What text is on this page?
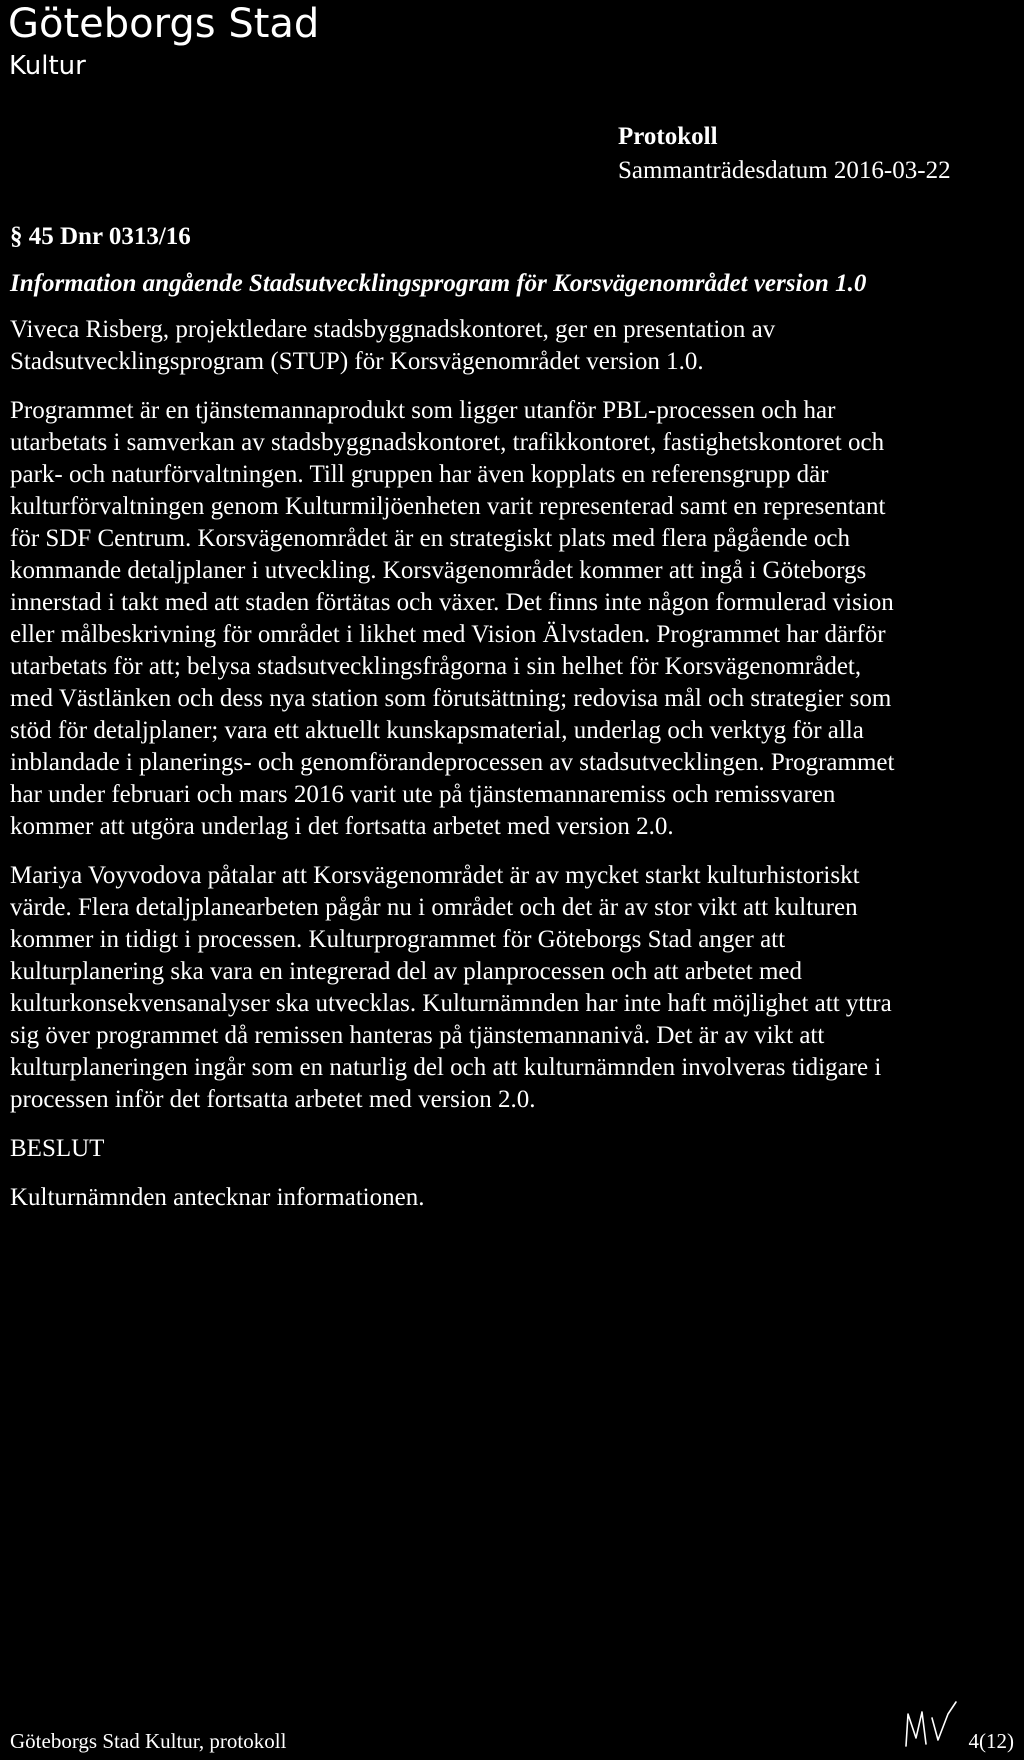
Göteborgs Stad
Kultur
Protokoll
Sammanträdesdatum 2016-03-22
§ 45 Dnr 0313/16
Information angående Stadsutvecklingsprogram för Korsvägenområdet version 1.0

Viveca Risberg, projektledare stadsbyggnadskontoret, ger en presentation av
Stadsutvecklingsprogram (STUP) för Korsvägenområdet version 1.0.

Programmet är en tjänstemannaprodukt som ligger utanför PBL-processen och har
utarbetats i samverkan av stadsbyggnadskontoret, trafikkontoret, fastighetskontoret och
park- och naturförvaltningen. Till gruppen har även kopplats en referensgrupp där
kulturförvaltningen genom Kulturmiljöenheten varit representerad samt en representant
för SDF Centrum. Korsvägenområdet är en strategiskt plats med flera pågående och
kommande detaljplaner i utveckling. Korsvägenområdet kommer att ingå i Göteborgs
innerstad i takt med att staden förtätas och växer. Det finns inte någon formulerad vision
eller målbeskrivning för området i likhet med Vision Älvstaden. Programmet har därför
utarbetats för att; belysa stadsutvecklingsfrågorna i sin helhet för Korsvägenområdet,
med Västlänken och dess nya station som förutsättning; redovisa mål och strategier som
stöd för detaljplaner; vara ett aktuellt kunskapsmaterial, underlag och verktyg för alla
inblandade i planerings- och genomförandeprocessen av stadsutvecklingen. Programmet
har under februari och mars 2016 varit ute på tjänstemannaremiss och remissvaren
kommer att utgöra underlag i det fortsatta arbetet med version 2.0.

Mariya Voyvodova påtalar att Korsvägenområdet är av mycket starkt kulturhistoriskt
värde. Flera detaljplanearbeten pågår nu i området och det är av stor vikt att kulturen
kommer in tidigt i processen. Kulturprogrammet för Göteborgs Stad anger att
kulturplanering ska vara en integrerad del av planprocessen och att arbetet med
kulturkonsekvensanalyser ska utvecklas. Kulturnämnden har inte haft möjlighet att yttra
sig över programmet då remissen hanteras på tjänstemannanivå. Det är av vikt att
kulturplaneringen ingår som en naturlig del och att kulturnämnden involveras tidigare i
processen inför det fortsatta arbetet med version 2.0.

BESLUT

Kulturnämnden antecknar informationen.

Göteborgs Stad Kultur, protokoll	4(12)
